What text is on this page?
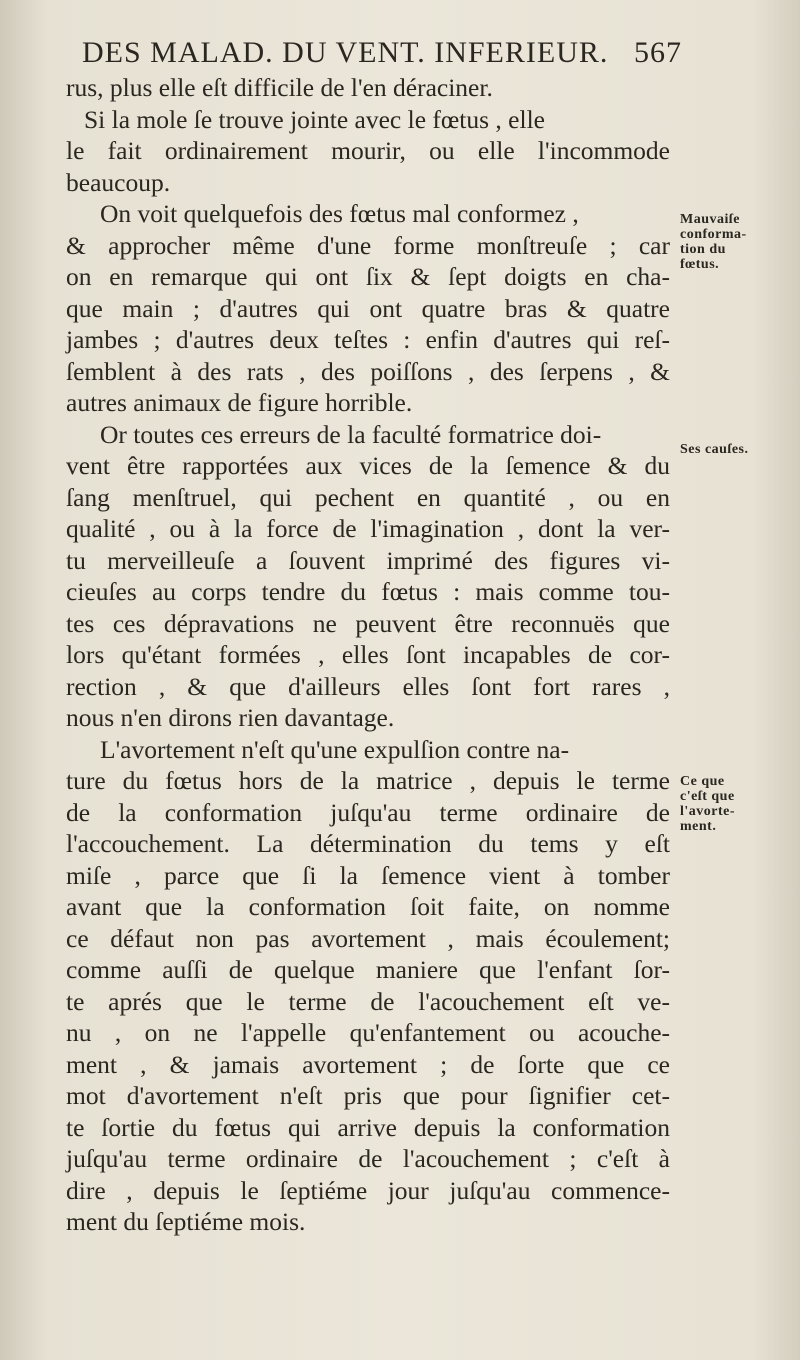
DES MALAD. DU VENT. INFERIEUR. 567
rus, plus elle eſt difficile de l'en déraciner.
Si la mole ſe trouve jointe avec le fœtus , elle
le fait ordinairement mourir, ou elle l'incommode
beaucoup.
On voit quelquefois des fœtus mal conformez ,
& approcher même d'une forme monſtreuſe ; car
on en remarque qui ont ſix & ſept doigts en cha-
que main ; d'autres qui ont quatre bras & quatre
jambes ; d'autres deux teſtes : enfin d'autres qui reſ-
ſemblent à des rats , des poiſſons , des ſerpens , &
autres animaux de figure horrible.
Or toutes ces erreurs de la faculté formatrice doi-
vent être rapportées aux vices de la ſemence & du
ſang menſtruel, qui pechent en quantité , ou en
qualité , ou à la force de l'imagination , dont la ver-
tu merveilleuſe a ſouvent imprimé des figures vi-
cieuſes au corps tendre du fœtus : mais comme tou-
tes ces dépravations ne peuvent être reconnuës que
lors qu'étant formées , elles ſont incapables de cor-
rection , & que d'ailleurs elles ſont fort rares ,
nous n'en dirons rien davantage.
L'avortement n'eſt qu'une expulſion contre na-
ture du fœtus hors de la matrice , depuis le terme
de la conformation juſqu'au terme ordinaire de
l'accouchement. La détermination du tems y eſt
miſe , parce que ſi la ſemence vient à tomber
avant que la conformation ſoit faite, on nomme
ce défaut non pas avortement , mais écoulement;
comme auſſi de quelque maniere que l'enfant ſor-
te aprés que le terme de l'acouchement eſt ve-
nu , on ne l'appelle qu'enfantement ou acouche-
ment , & jamais avortement ; de ſorte que ce
mot d'avortement n'eſt pris que pour ſignifier cet-
te ſortie du fœtus qui arrive depuis la conformation
juſqu'au terme ordinaire de l'acouchement ; c'eſt à
dire , depuis le ſeptiéme jour juſqu'au commence-
ment du ſeptiéme mois.
Mauvaiſe
conforma-
tion du
fœtus.
Ses cauſes.
Ce que
c'eſt que
l'avorte-
ment.
